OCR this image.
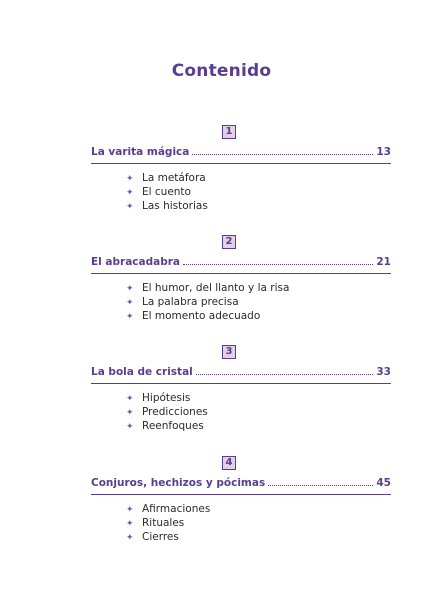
Contenido
1
La varita mágica	13
✦ La metáfora
✦ El cuento
✦ Las historias
2
El abracadabra	21
✦ El humor, del llanto y la risa
✦ La palabra precisa
✦ El momento adecuado
3
La bola de cristal	33
✦ Hipótesis
✦ Predicciones
✦ Reenfoques
4
Conjuros, hechizos y pócimas	45
✦ Afirmaciones
✦ Rituales
✦ Cierres
